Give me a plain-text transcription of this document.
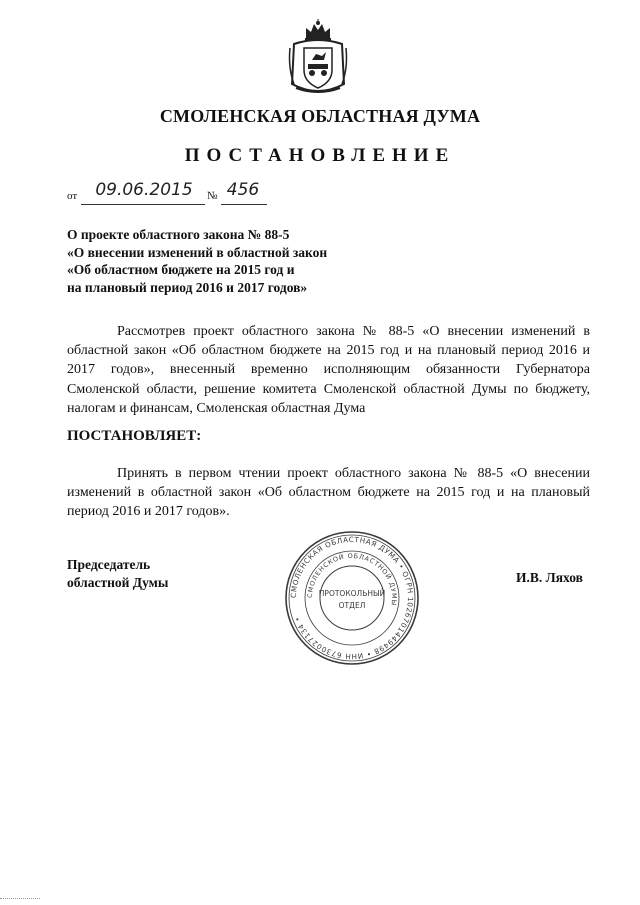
СМОЛЕНСКАЯ ОБЛАСТНАЯ ДУМА
ПОСТАНОВЛЕНИЕ
от	09.06.2015	№ 456
О проекте областного закона № 88-5
«О внесении изменений в областной закон
«Об областном бюджете на 2015 год и
на плановый период 2016 и 2017 годов»
Рассмотрев проект областного закона № 88-5 «О внесении изменений в областной закон «Об областном бюджете на 2015 год и на плановый период 2016 и 2017 годов», внесенный временно исполняющим обязанности Губернатора Смоленской области, решение комитета Смоленской областной Думы по бюджету, налогам и финансам, Смоленская областная Дума
ПОСТАНОВЛЯЕТ:
Принять в первом чтении проект областного закона № 88-5 «О внесении изменений в областной закон «Об областном бюджете на 2015 год и на плановый период 2016 и 2017 годов».
Председатель
областной Думы	И.В. Ляхов
СМОЛЕНСКАЯ ОБЛАСТНАЯ ДУМА • ОГРН 1026701449498 • ИНН 6730027134 •
СМОЛЕНСКОЙ ОБЛАСТНОЙ ДУМЫ
ПРОТОКОЛЬНЫЙ
ОТДЕЛ
